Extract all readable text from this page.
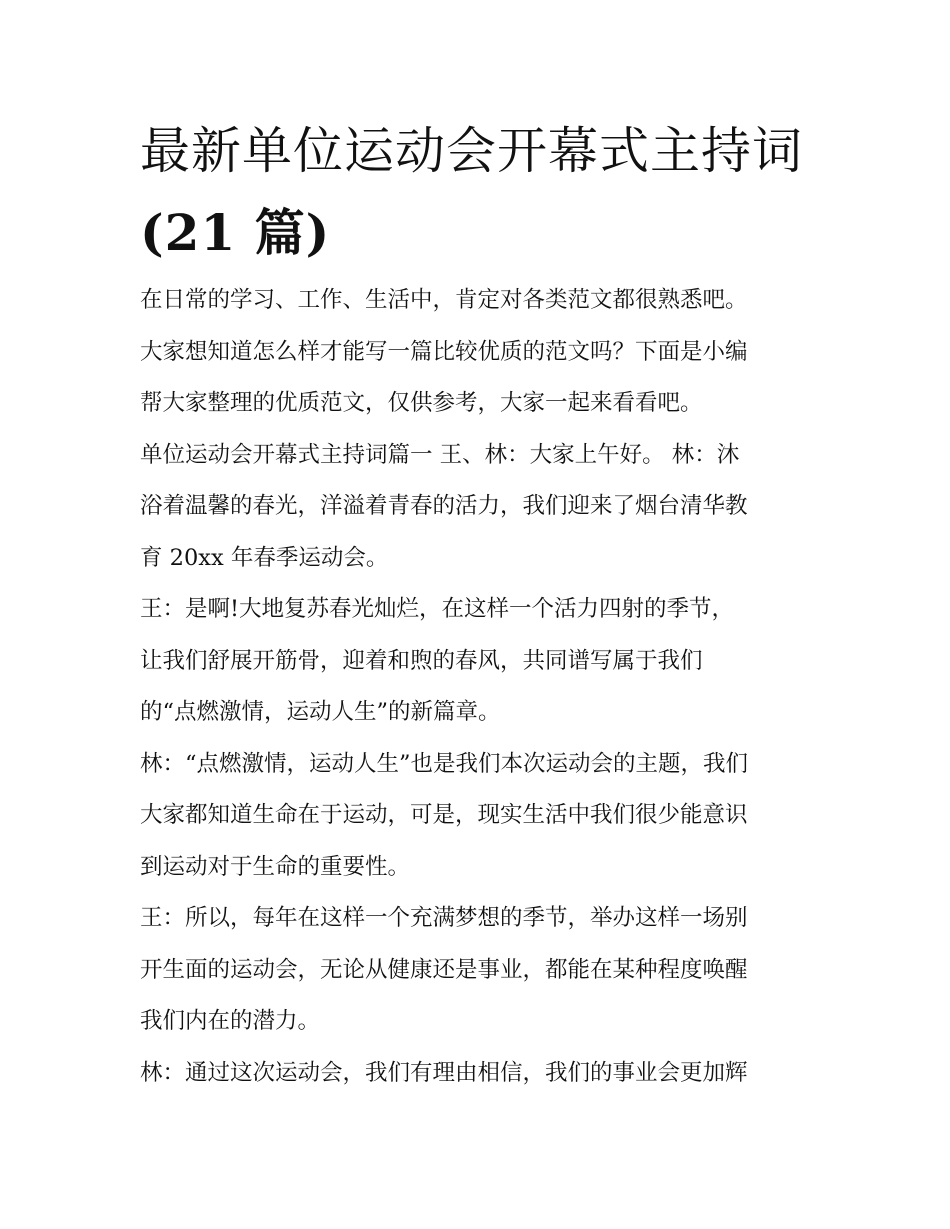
最新单位运动会开幕式主持词
(21 篇)
在日常的学习、工作、生活中，肯定对各类范文都很熟悉吧。
大家想知道怎么样才能写一篇比较优质的范文吗？下面是小编
帮大家整理的优质范文，仅供参考，大家一起来看看吧。
单位运动会开幕式主持词篇一 王、林：大家上午好。 林：沐
浴着温馨的春光，洋溢着青春的活力，我们迎来了烟台清华教
育 20xx 年春季运动会。
王：是啊!大地复苏春光灿烂，在这样一个活力四射的季节，
让我们舒展开筋骨，迎着和煦的春风，共同谱写属于我们
的“点燃激情，运动人生”的新篇章。
林：“点燃激情，运动人生”也是我们本次运动会的主题，我们
大家都知道生命在于运动，可是，现实生活中我们很少能意识
到运动对于生命的重要性。
王：所以，每年在这样一个充满梦想的季节，举办这样一场别
开生面的运动会，无论从健康还是事业，都能在某种程度唤醒
我们内在的潜力。
林：通过这次运动会，我们有理由相信，我们的事业会更加辉
